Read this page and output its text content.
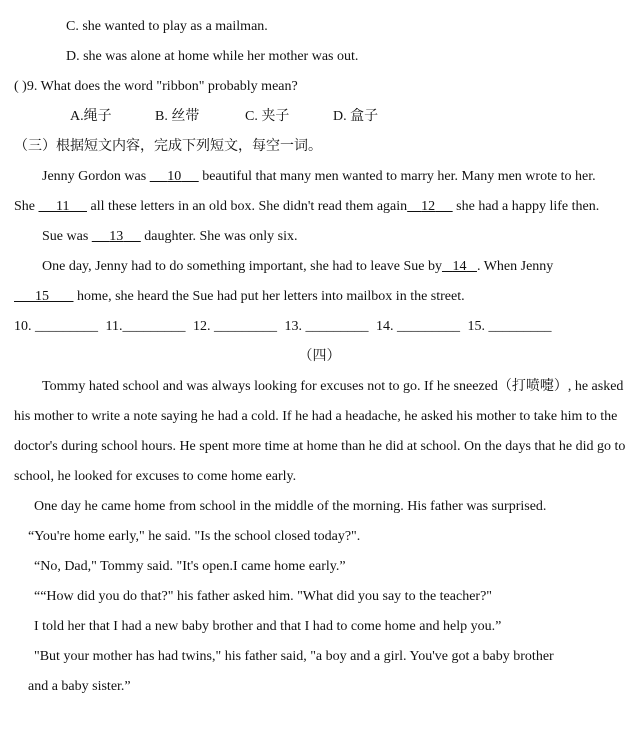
C. she wanted to play as a mailman.
D. she was alone at home while her mother was out.
( )9. What does the word "ribbon" probably mean?
A.绳子	B. 丝带	C. 夹子	D. 盒子
（三）根据短文内容，完成下列短文，每空一词。
Jenny Gordon was 10 beautiful that many men wanted to marry her. Many men wrote to her.
She 11 all these letters in an old box. She didn't read them again 12 she had a happy life then.
Sue was 13 daughter. She was only six.
One day, Jenny had to do something important, she had to leave Sue by 14 . When Jenny
15 home, she heard the Sue had put her letters into mailbox in the street.
10. _________ 11._________ 12. _________ 13. _________ 14. _________ 15. _________
（四）
Tommy hated school and was always looking for excuses not to go. If he sneezed（打喷嚏）, he asked
his mother to write a note saying he had a cold. If he had a headache, he asked his mother to take him to the
doctor's during school hours. He spent more time at home than he did at school. On the days that he did go to
school, he looked for excuses to come home early.
One day he came home from school in the middle of the morning. His father was surprised.
“You're home early," he said. "Is the school closed today?".
“No, Dad," Tommy said. "It's open.I came home early.”
““How did you do that?" his father asked him. "What did you say to the teacher?"
I told her that I had a new baby brother and that I had to come home and help you.”
"But your mother has had twins," his father said, "a boy and a girl. You've got a baby brother
and a baby sister.”
